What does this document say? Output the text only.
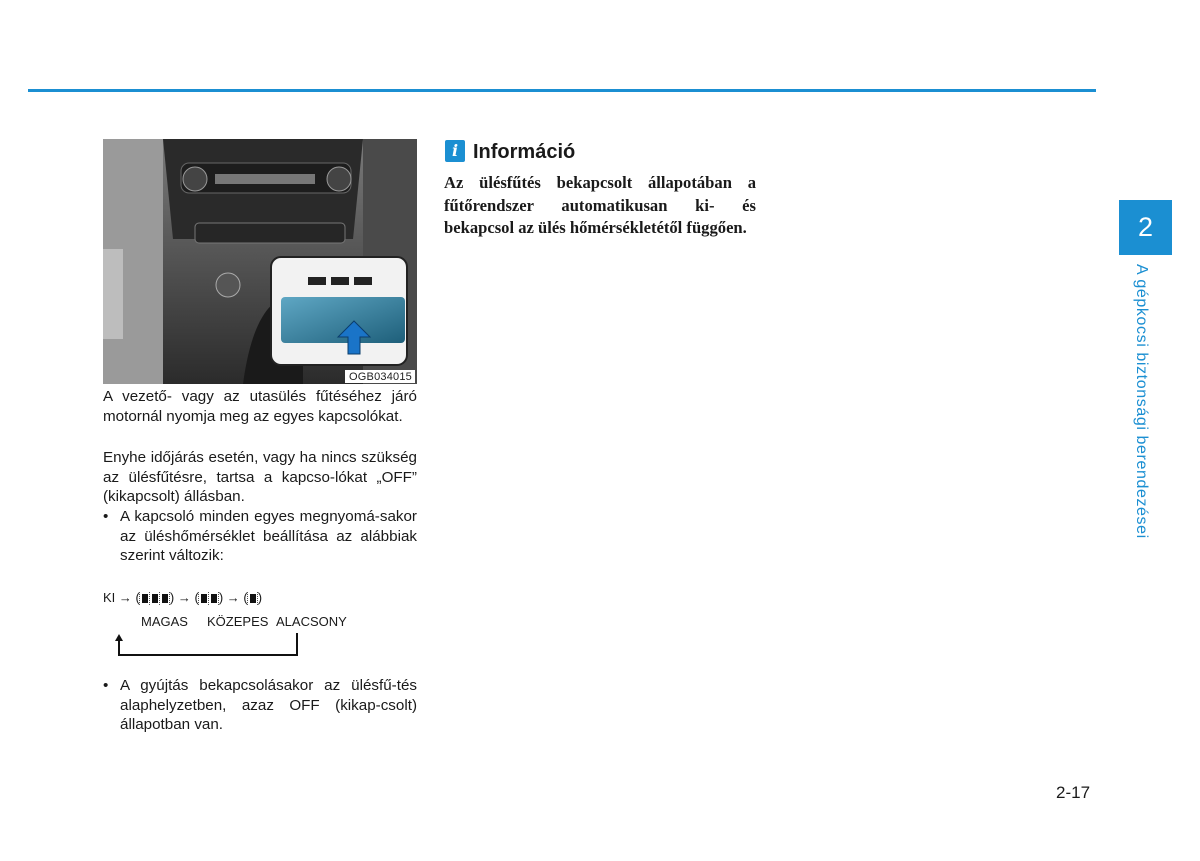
OGB034015

A vezető- vagy az utasülés fűtéséhez járó motornál nyomja meg az egyes kapcsolókat.

Enyhe időjárás esetén, vagy ha nincs szükség az ülésfűtésre, tartsa a kapcso-lókat „OFF” (kikapcsolt) állásban.

• A kapcsoló minden egyes megnyomá-sakor az üléshőmérséklet beállítása az alábbiak szerint változik:
KI → ( ) → ( ) → ( )
MAGAS KÖZEPES ALACSONY
• A gyújtás bekapcsolásakor az ülésfű-tés alaphelyzetben, azaz OFF (kikap-csolt) állapotban van.
i Információ

Az ülésfűtés bekapcsolt állapotában a fűtőrendszer automatikusan ki- és bekapcsol az ülés hőmérsékletétől függően.	2
A gépkocsi biztonsági berendezései
2-17
